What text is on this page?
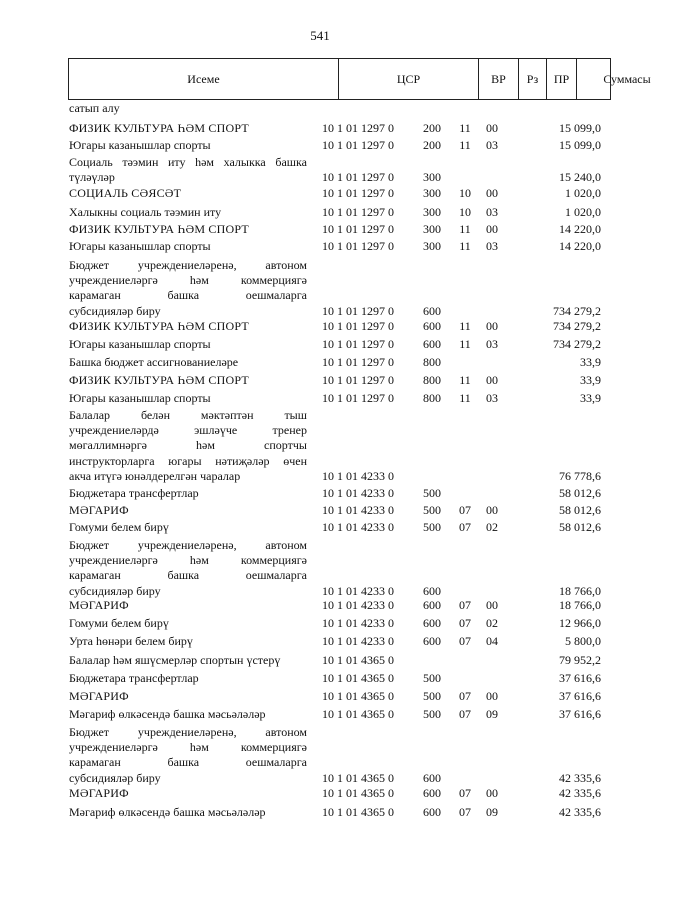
541
Исеме	ЦСР	ВР	Рз	ПР	Суммасы
сатып алу
ФИЗИК КУЛЬТУРА ҺӘМ СПОРТ	10 1 01 1297 0 200	11	00	15 099,0
Югары казанышлар спорты	10 1 01 1297 0 200	11	03	15 099,0
Социаль тәэмин иту һәм халыкка башка
түләүләр	10 1 01 1297 0 300	15 240,0
СОЦИАЛЬ СӘЯСӘТ	10 1 01 1297 0 300	10	00	1 020,0
Халыкны социаль тәэмин иту	10 1 01 1297 0 300	10	03	1 020,0
ФИЗИК КУЛЬТУРА ҺӘМ СПОРТ	10 1 01 1297 0 300	11	00	14 220,0
Югары казанышлар спорты	10 1 01 1297 0 300	11	03	14 220,0
Бюджет учреждениеләренә, автоном
учреждениеләргә һәм коммерциягә
карамаган башка оешмаларга
субсидияләр биру	10 1 01 1297 0 600	734 279,2
ФИЗИК КУЛЬТУРА ҺӘМ СПОРТ	10 1 01 1297 0 600	11	00	734 279,2
Югары казанышлар спорты	10 1 01 1297 0 600	11	03	734 279,2
Башка бюджет ассигнованиеләре	10 1 01 1297 0 800	33,9
ФИЗИК КУЛЬТУРА ҺӘМ СПОРТ	10 1 01 1297 0 800	11	00	33,9
Югары казанышлар спорты	10 1 01 1297 0 800	11	03	33,9
Балалар белән мәктәптән тыш
учреждениеләрдә эшләүче тренер
мөгаллимнәргә һәм спортчы
инструкторларга югары нәтиҗәләр өчен
акча итүгә юнәлдерелгән чаралар	10 1 01 4233 0	76 778,6
Бюджетара трансфертлар	10 1 01 4233 0 500	58 012,6
МӘГАРИФ	10 1 01 4233 0 500	07	00	58 012,6
Гомуми белем бирү	10 1 01 4233 0 500	07	02	58 012,6
Бюджет учреждениеләренә, автоном
учреждениеләргә һәм коммерциягә
карамаган башка оешмаларга
субсидияләр биру	10 1 01 4233 0 600	18 766,0
МӘГАРИФ	10 1 01 4233 0 600	07	00	18 766,0
Гомуми белем бирү	10 1 01 4233 0 600	07	02	12 966,0
Урта һөнәри белем бирү	10 1 01 4233 0 600	07	04	5 800,0
Балалар һәм яшүсмерләр спортын үстерү	10 1 01 4365 0	79 952,2
Бюджетара трансфертлар	10 1 01 4365 0 500	37 616,6
МӘГАРИФ	10 1 01 4365 0 500	07	00	37 616,6
Мәгариф өлкәсендә башка мәсьәләләр	10 1 01 4365 0 500	07	09	37 616,6
Бюджет учреждениеләренә, автоном
учреждениеләргә һәм коммерциягә
карамаган башка оешмаларга
субсидияләр биру	10 1 01 4365 0 600	42 335,6
МӘГАРИФ	10 1 01 4365 0 600	07	00	42 335,6
Мәгариф өлкәсендә башка мәсьәләләр	10 1 01 4365 0 600	07	09	42 335,6
